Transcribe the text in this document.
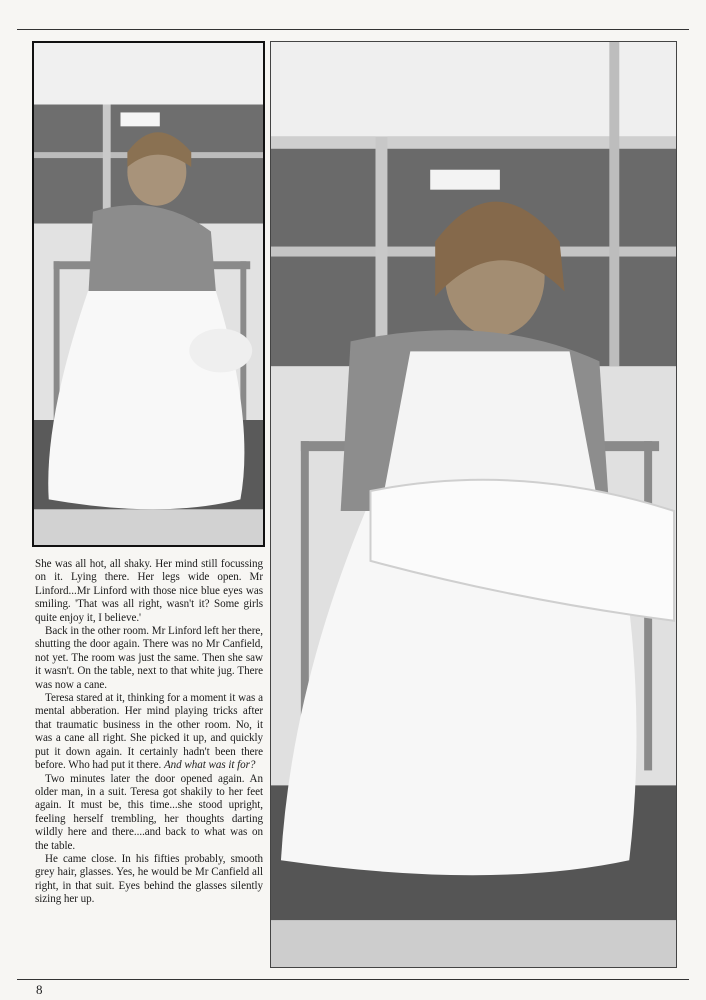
She was all hot, all shaky. Her mind still focussing on it. Lying there. Her legs wide open. Mr Linford...Mr Linford with those nice blue eyes was smiling. 'That was all right, wasn't it? Some girls quite enjoy it, I believe.'

Back in the other room. Mr Linford left her there, shutting the door again. There was no Mr Canfield, not yet. The room was just the same. Then she saw it wasn't. On the table, next to that white jug. There was now a cane.

Teresa stared at it, thinking for a moment it was a mental abberation. Her mind playing tricks after that traumatic business in the other room. No, it was a cane all right. She picked it up, and quickly put it down again. It certainly hadn't been there before. Who had put it there. And what was it for?

Two minutes later the door opened again. An older man, in a suit. Teresa got shakily to her feet again. It must be, this time...she stood upright, feeling herself trembling, her thoughts darting wildly here and there....and back to what was on the table.

He came close. In his fifties probably, smooth grey hair, glasses. Yes, he would be Mr Canfield all right, in that suit. Eyes behind the glasses silently sizing her up.

8
